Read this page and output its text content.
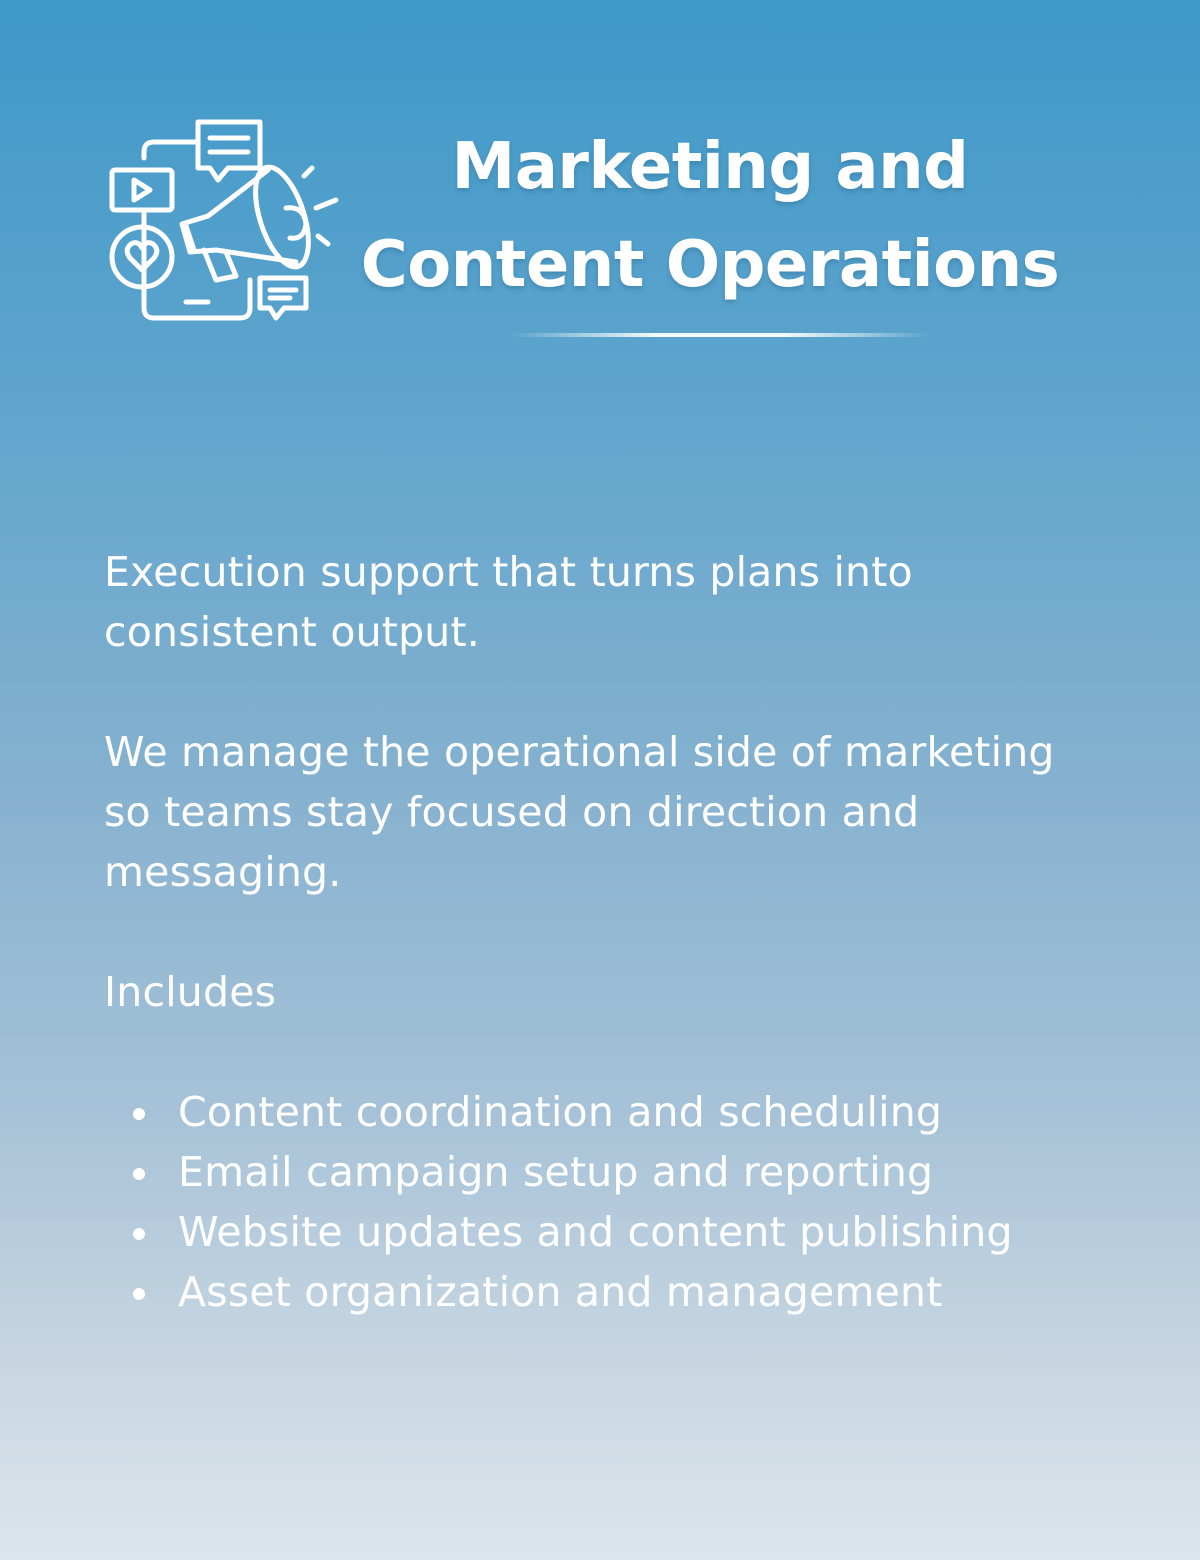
Marketing and
Content Operations

Execution support that turns plans into consistent output.

We manage the operational side of marketing so teams stay focused on direction and messaging.

Includes
Content coordination and scheduling
Email campaign setup and reporting
Website updates and content publishing
Asset organization and management
